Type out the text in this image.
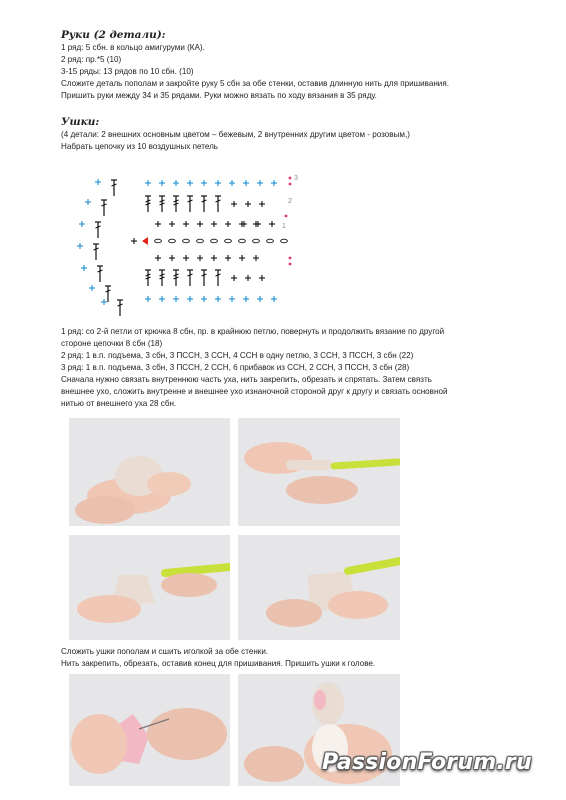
Руки (2 детали):
1 ряд: 5 сбн. в кольцо амигуруми (КА).
2 ряд: пр.*5 (10)
3-15 ряды: 13 рядов по 10 сбн. (10)
Сложите деталь пополам и закройте руку 5 сбн за обе стенки, оставив длинную нить для пришивания.
Пришить руки между 34 и 35 рядами. Руки можно вязать по ходу вязания в 35 ряду.
Ушки:
(4 детали: 2 внешних основным цветом – бежевым, 2 внутренних другим цветом - розовым,)
Набрать цепочку из 10 воздушных петель
1
2
3
1 ряд: со 2-й петли от крючка 8 сбн, пр. в крайнюю петлю, повернуть и продолжить вязание по другой
стороне цепочки 8 сбн (18)
2 ряд: 1 в.п. подъема, 3 сбн, 3 ПССН, 3 ССН, 4 ССН в одну петлю, 3 ССН, 3 ПССН, 3 сбн (22)
3 ряд: 1 в.п. подъема, 3 сбн, 3 ПССН, 2 ССН, 6 прибавок из ССН, 2 ССН, 3 ПССН, 3 сбн (28)
Сначала нужно связать внутреннюю часть уха, нить закрепить, обрезать и спрятать. Затем связть
внешнее ухо, сложить внутренне и внешнее ухо изнаночной стороной друг к другу и связать основной
нитью от внешнего уха 28 сбн.
Сложить ушки пополам и сшить иголкой за обе стенки.
Нить закрепить, обрезать, оставив конец для пришивания. Пришить ушки к голове.
PassionForum.ru
